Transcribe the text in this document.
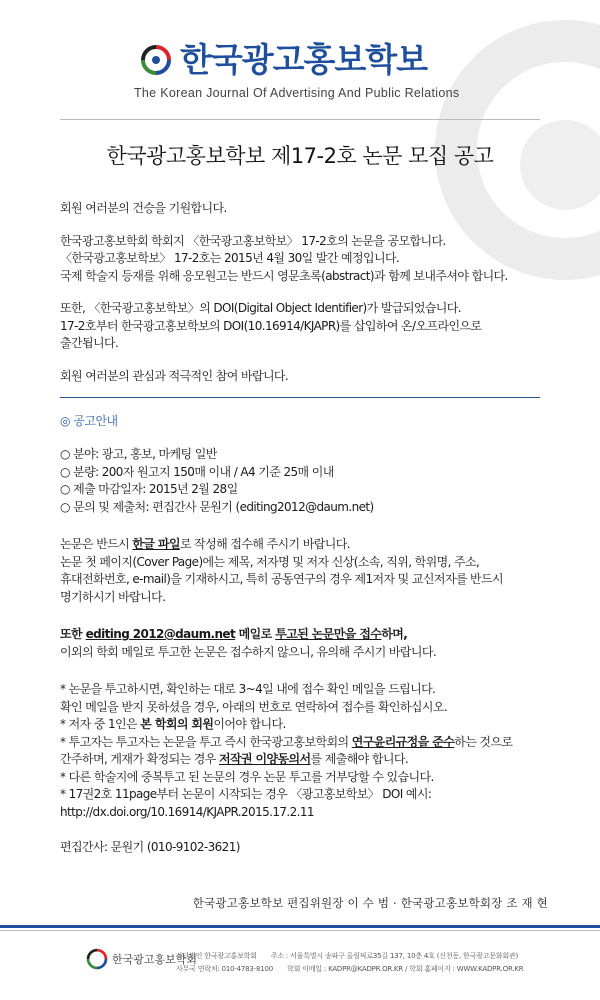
한국광고홍보학보
The Korean Journal Of Advertising And Public Relations
한국광고홍보학보 제17-2호 논문 모집 공고
회원 여러분의 건승을 기원합니다.
한국광고홍보학회 학회지 〈한국광고홍보학보〉 17-2호의 논문을 공모합니다.
〈한국광고홍보학보〉 17-2호는 2015년 4월 30일 발간 예정입니다.
국제 학술지 등재를 위해 응모원고는 반드시 영문초록(abstract)과 함께 보내주셔야 합니다.
또한, 〈한국광고홍보학보〉의 DOI(Digital Object Identifier)가 발급되었습니다.
17-2호부터 한국광고홍보학보의 DOI(10.16914/KJAPR)를 삽입하여 온/오프라인으로
출간됩니다.
회원 여러분의 관심과 적극적인 참여 바랍니다.
◎ 공고안내
○ 분야: 광고, 홍보, 마케팅 일반
○ 분량: 200자 원고지 150매 이내 / A4 기준 25매 이내
○ 제출 마감일자: 2015년 2월 28일
○ 문의 및 제출처: 편집간사 문원기 (editing2012@daum.net)
논문은 반드시 한글 파일로 작성해 접수해 주시기 바랍니다.
논문 첫 페이지(Cover Page)에는 제목, 저자명 및 저자 신상(소속, 직위, 학위명, 주소,
휴대전화번호, e-mail)을 기재하시고, 특히 공동연구의 경우 제1저자 및 교신저자를 반드시
명기하시기 바랍니다.
또한 editing 2012@daum.net 메일로 투고된 논문만을 접수하며,
이외의 학회 메일로 투고한 논문은 접수하지 않으니, 유의해 주시기 바랍니다.
* 논문을 투고하시면, 확인하는 대로 3~4일 내에 접수 확인 메일을 드립니다.
확인 메일을 받지 못하셨을 경우, 아래의 번호로 연락하여 접수를 확인하십시오.
* 저자 중 1인은 본 학회의 회원이어야 합니다.
* 투고자는 투고자는 논문을 투고 즉시 한국광고홍보학회의 연구윤리규정을 준수하는 것으로
간주하며, 게재가 확정되는 경우 저작권 이양동의서를 제출해야 합니다.
* 다른 학술지에 중복투고 된 논문의 경우 논문 투고를 거부당할 수 있습니다.
* 17권2호 11page부터 논문이 시작되는 경우 〈광고홍보학보〉 DOI 예시:
http://dx.doi.org/10.16914/KJAPR.2015.17.2.11
편집간사: 문원기 (010-9102-3621)
한국광고홍보학보 편집위원장 이 수 범 · 한국광고홍보학회장 조 재 현
한국광고홍보학회
사단법인 한국광고홍보학회 주소 : 서울특별시 송파구 올림픽로35길 137, 10층 4호 (신천동, 한국광고문화회관)
사무국 연락처: 010-4783-8100 학회 이메일 : KADPR@KADPR.OR.KR / 학회 홈페이지 : WWW.KADPR.OR.KR
